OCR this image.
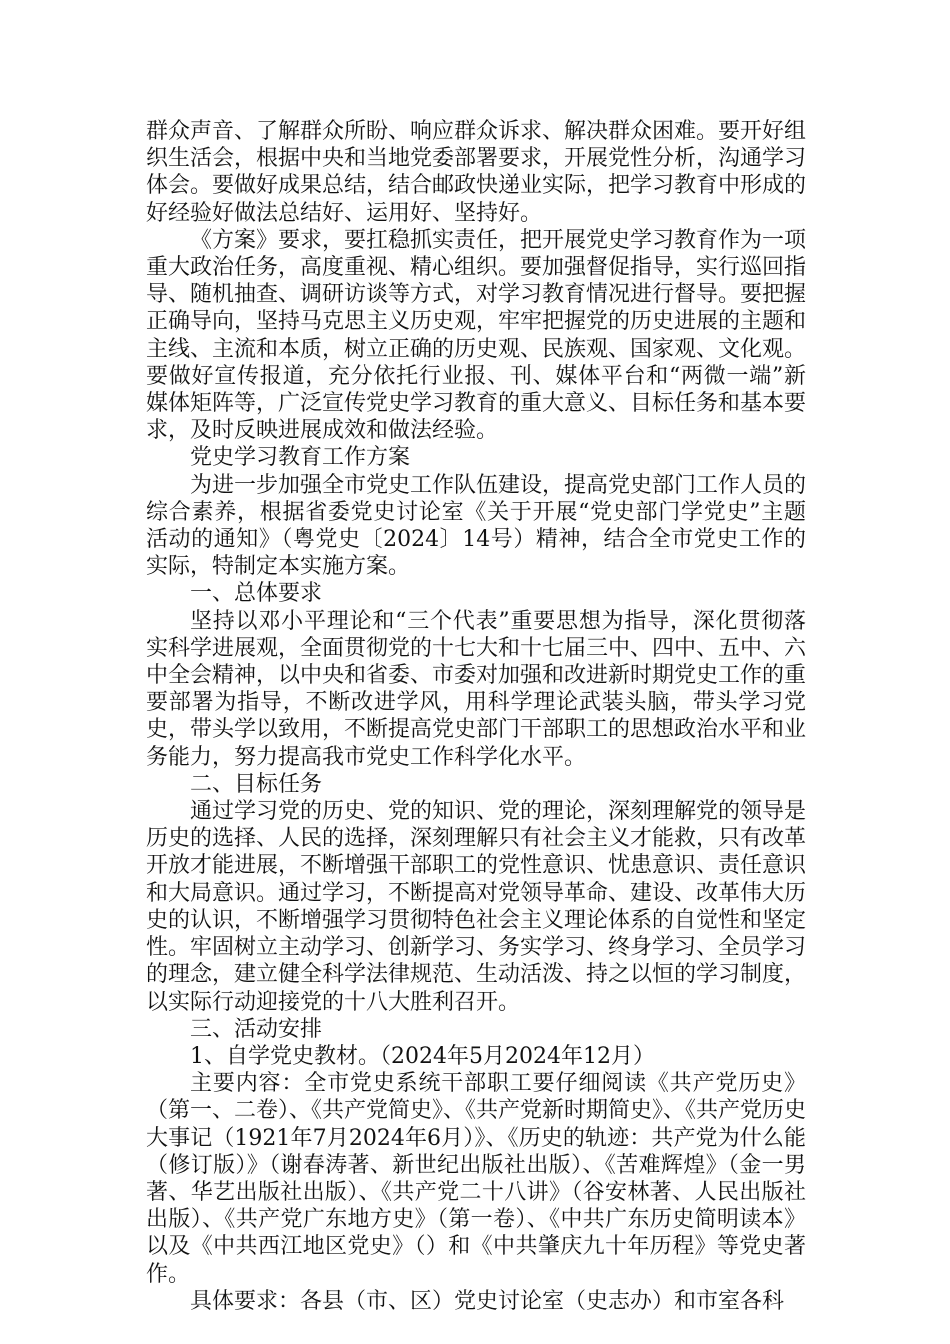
群众声音、了解群众所盼、响应群众诉求、解决群众困难。要开好组织生活会，根据中央和当地党委部署要求，开展党性分析，沟通学习体会。要做好成果总结，结合邮政快递业实际，把学习教育中形成的好经验好做法总结好、运用好、坚持好。

《方案》要求，要扛稳抓实责任，把开展党史学习教育作为一项重大政治任务，高度重视、精心组织。要加强督促指导，实行巡回指导、随机抽查、调研访谈等方式，对学习教育情况进行督导。要把握正确导向，坚持马克思主义历史观，牢牢把握党的历史进展的主题和主线、主流和本质，树立正确的历史观、民族观、国家观、文化观。要做好宣传报道，充分依托行业报、刊、媒体平台和“两微一端”新媒体矩阵等，广泛宣传党史学习教育的重大意义、目标任务和基本要求，及时反映进展成效和做法经验。

党史学习教育工作方案

为进一步加强全市党史工作队伍建设，提高党史部门工作人员的综合素养，根据省委党史讨论室《关于开展“党史部门学党史”主题活动的通知》（粤党史〔2024〕14号）精神，结合全市党史工作的实际，特制定本实施方案。

一、总体要求

坚持以邓小平理论和“三个代表”重要思想为指导，深化贯彻落实科学进展观，全面贯彻党的十七大和十七届三中、四中、五中、六中全会精神，以中央和省委、市委对加强和改进新时期党史工作的重要部署为指导，不断改进学风，用科学理论武装头脑，带头学习党史，带头学以致用，不断提高党史部门干部职工的思想政治水平和业务能力，努力提高我市党史工作科学化水平。

二、目标任务

通过学习党的历史、党的知识、党的理论，深刻理解党的领导是历史的选择、人民的选择，深刻理解只有社会主义才能救，只有改革开放才能进展，不断增强干部职工的党性意识、忧患意识、责任意识和大局意识。通过学习，不断提高对党领导革命、建设、改革伟大历史的认识，不断增强学习贯彻特色社会主义理论体系的自觉性和坚定性。牢固树立主动学习、创新学习、务实学习、终身学习、全员学习的理念，建立健全科学法律规范、生动活泼、持之以恒的学习制度，以实际行动迎接党的十八大胜利召开。

三、活动安排

1、自学党史教材。（2024年5月2024年12月）

主要内容：全市党史系统干部职工要仔细阅读《共产党历史》（第一、二卷）、《共产党简史》、《共产党新时期简史》、《共产党历史大事记（1921年7月2024年6月）》、《历史的轨迹：共产党为什么能（修订版）》（谢春涛著、新世纪出版社出版）、《苦难辉煌》（金一男著、华艺出版社出版）、《共产党二十八讲》（谷安林著、人民出版社出版）、《共产党广东地方史》（第一卷）、《中共广东历史简明读本》以及《中共西江地区党史》（）和《中共肇庆九十年历程》等党史著作。

具体要求：各县（市、区）党史讨论室（史志办）和市室各科
